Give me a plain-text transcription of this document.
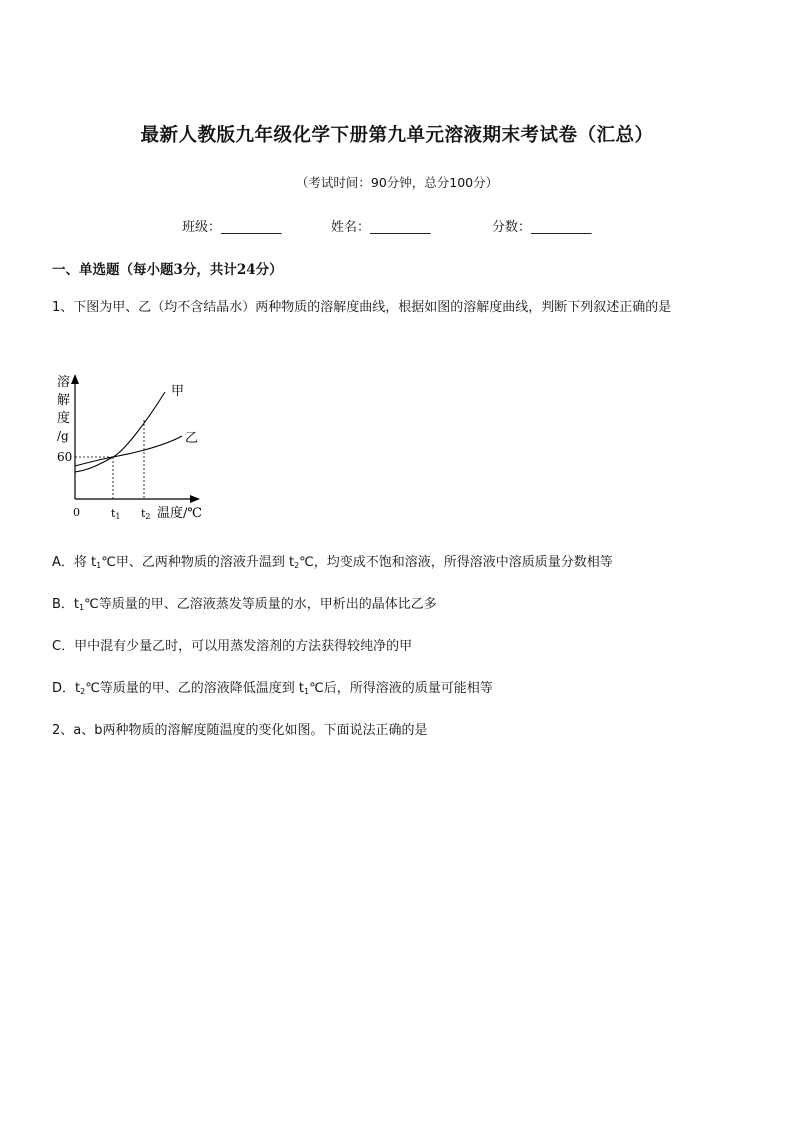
最新人教版九年级化学下册第九单元溶液期末考试卷（汇总）
（考试时间：90分钟，总分100分）
班级：__________	姓名：__________	分数：__________
一、单选题（每小题3分，共计24分）
1、下图为甲、乙（均不含结晶水）两种物质的溶解度曲线，根据如图的溶解度曲线，判断下列叙述正确的是
溶
解
度
/g
60
甲
乙
0	t1 t2 温度/℃
A．将 $t_1℃$甲、乙两种物质的溶液升温到 $t_2℃$，均变成不饱和溶液，所得溶液中溶质质量分数相等
B．$t_1℃$等质量的甲、乙溶液蒸发等质量的水，甲析出的晶体比乙多
C．甲中混有少量乙时，可以用蒸发溶剂的方法获得较纯净的甲
D．$t_2℃$等质量的甲、乙的溶液降低温度到 $t_1℃$后，所得溶液的质量可能相等
2、a、b两种物质的溶解度随温度的变化如图。下面说法正确的是
